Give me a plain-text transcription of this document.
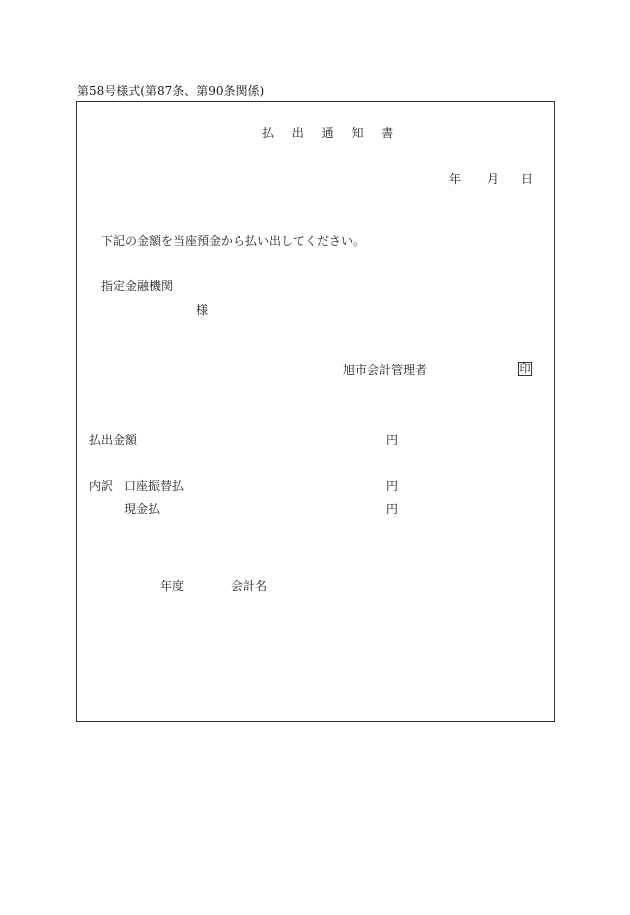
第58号様式(第87条、第90条関係)
払 出 通 知 書
年 月 日
下記の金額を当座預金から払い出してください。
指定金融機関
様
旭市会計管理者	印
払出金額	円
内訳 口座振替払	円
現金払	円
年度	会計名
